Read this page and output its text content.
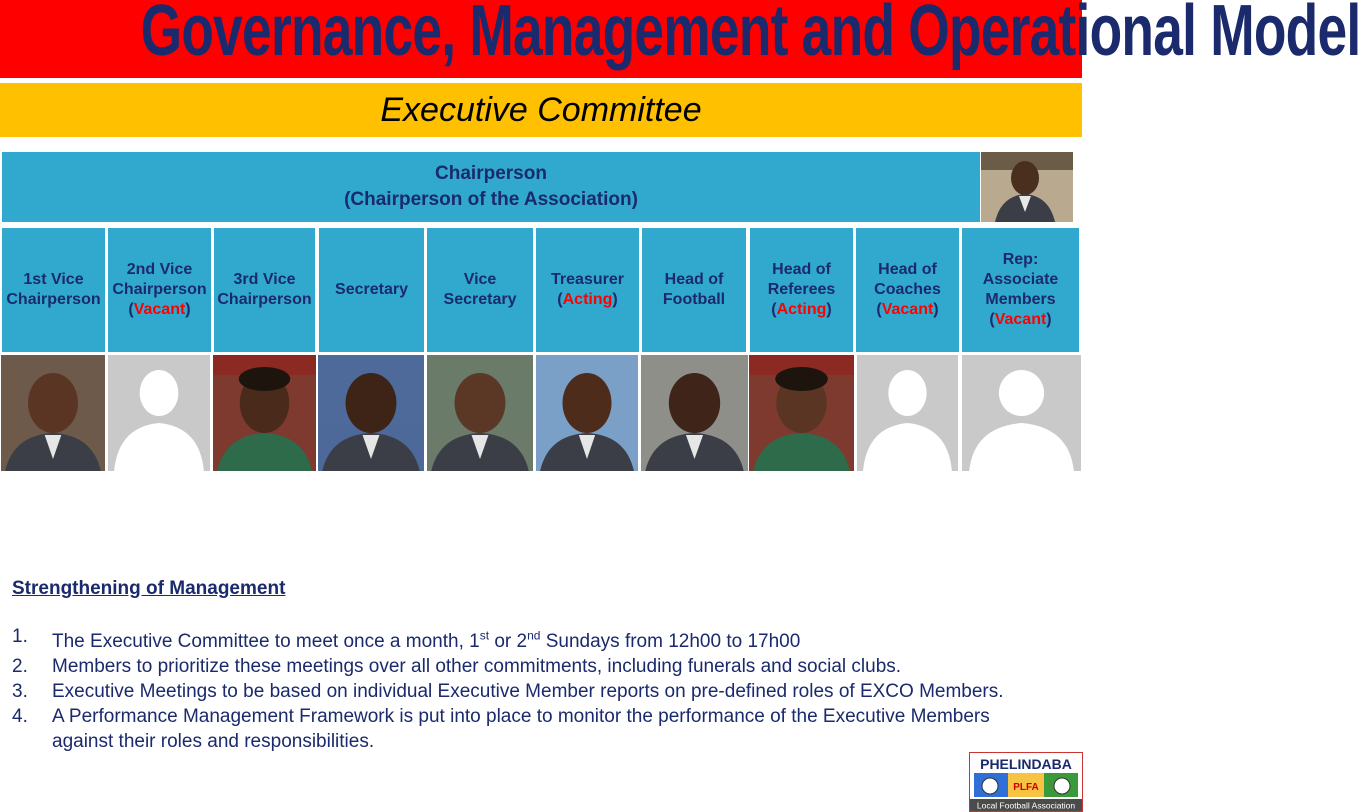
Governance, Management and Operational Model
Executive Committee
Chairperson
(Chairperson of the Association)
1st Vice
Chairperson
2nd Vice
Chairperson
(Vacant)
3rd Vice
Chairperson
Secretary
Vice
Secretary
Treasurer
(Acting)
Head of
Football
Head of
Referees
(Acting)
Head of
Coaches
(Vacant)
Rep:
Associate
Members
(Vacant)
Strengthening of Management
1. The Executive Committee to meet once a month, 1st or 2nd Sundays from 12h00 to 17h00
2. Members to prioritize these meetings over all other commitments, including funerals and social clubs.
3. Executive Meetings to be based on individual Executive Member reports on pre-defined roles of EXCO Members.
4. A Performance Management Framework is put into place to monitor the performance of the Executive Members against their roles and responsibilities.
PHELINDABA
PLFA
Local Football Association
